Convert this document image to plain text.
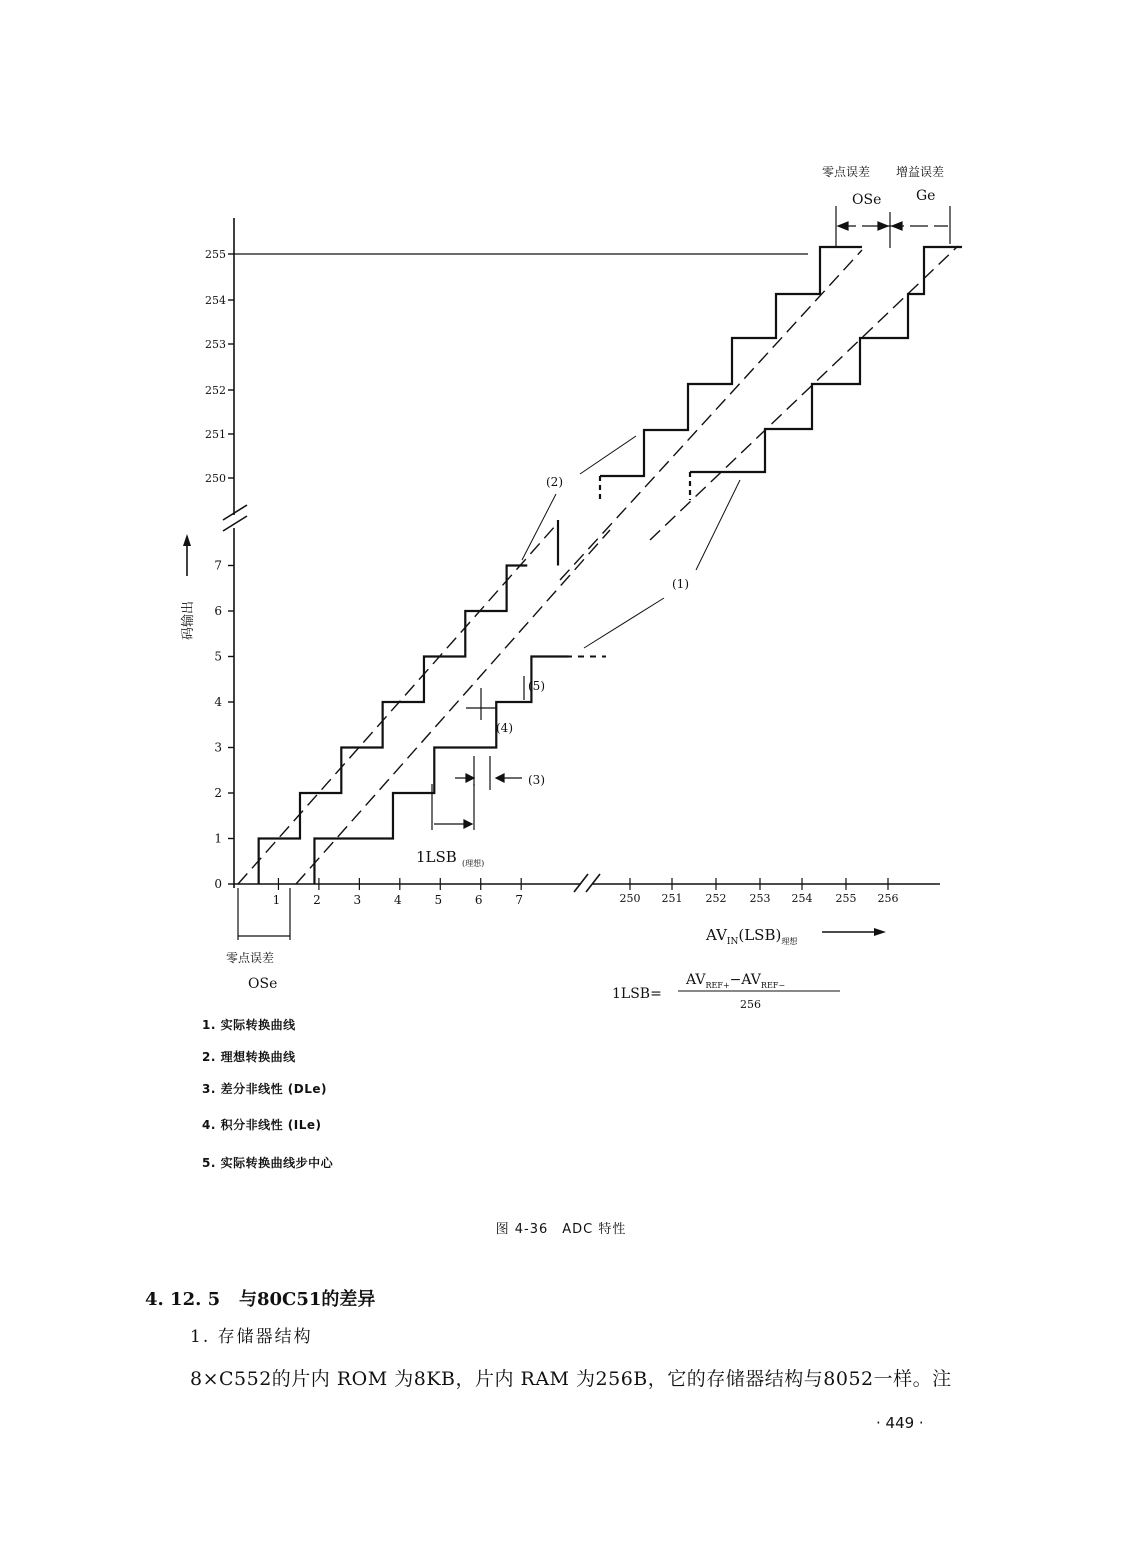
0
1
2
3
4
5
6
7
250
251
252
253
254
255
1	2	3	4	5	6	7	250 251 252 253 254 255 256
(2)
(1)
(5)
(4)
(3)
1LSB (理想)
零点误差 增益误差
OSe Ge
零点误差
OSe
码输出
$AV_{IN}(LSB)_{理想}$
1LSB=
$AV_{REF+}-AV_{REF-}$
256
1. 实际转换曲线
2. 理想转换曲线
3. 差分非线性 (DLe)
4. 积分非线性 (ILe)
5. 实际转换曲线步中心
图 4-36　ADC 特性
4. 12. 5 与80C51的差异
1. 存储器结构
8×C552的片内 ROM 为8KB，片内 RAM 为256B，它的存储器结构与8052一样。注
· 449 ·
